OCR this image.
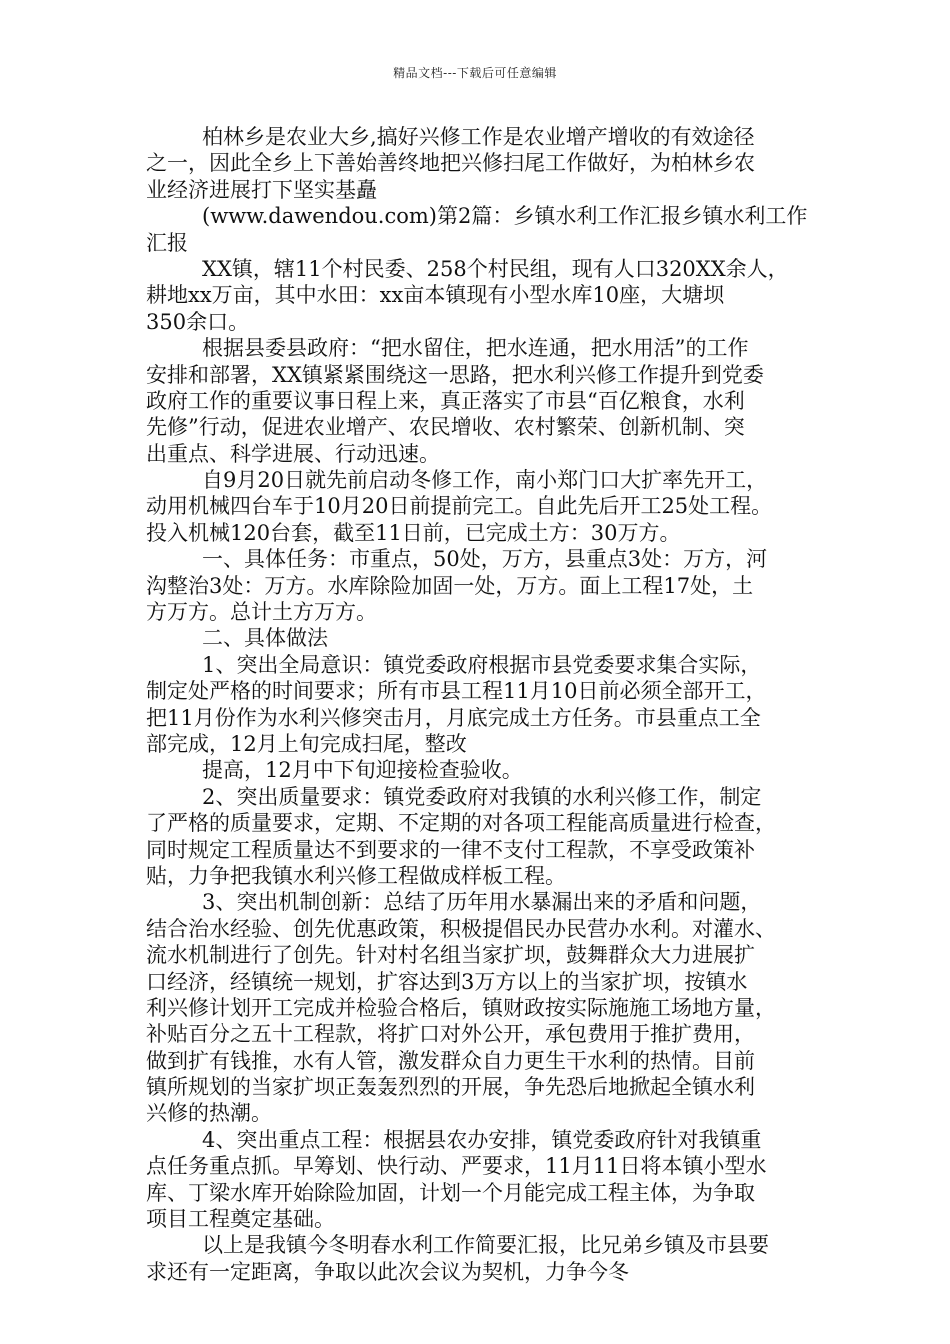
精品文档---下载后可任意编辑
柏林乡是农业大乡,搞好兴修工作是农业增产增收的有效途径
之一，因此全乡上下善始善终地把兴修扫尾工作做好，为柏林乡农
业经济进展打下坚实基矗
(www.dawendou.com)第2篇：乡镇水利工作汇报乡镇水利工作
汇报
XX镇，辖11个村民委、258个村民组，现有人口320XX余人，
耕地xx万亩，其中水田：xx亩本镇现有小型水库10座，大塘坝
350余口。
根据县委县政府：“把水留住，把水连通，把水用活”的工作
安排和部署，XX镇紧紧围绕这一思路，把水利兴修工作提升到党委
政府工作的重要议事日程上来，真正落实了市县“百亿粮食，水利
先修”行动，促进农业增产、农民增收、农村繁荣、创新机制、突
出重点、科学进展、行动迅速。
自9月20日就先前启动冬修工作，南小郑门口大扩率先开工，
动用机械四台车于10月20日前提前完工。自此先后开工25处工程。
投入机械120台套，截至11日前，已完成土方：30万方。
一、具体任务：市重点，50处，万方，县重点3处：万方，河
沟整治3处：万方。水库除险加固一处，万方。面上工程17处，土
方万方。总计土方万方。
二、具体做法
1、突出全局意识：镇党委政府根据市县党委要求集合实际，
制定处严格的时间要求；所有市县工程11月10日前必须全部开工，
把11月份作为水利兴修突击月，月底完成土方任务。市县重点工全
部完成，12月上旬完成扫尾，整改
提高，12月中下旬迎接检查验收。
2、突出质量要求：镇党委政府对我镇的水利兴修工作，制定
了严格的质量要求，定期、不定期的对各项工程能高质量进行检查，
同时规定工程质量达不到要求的一律不支付工程款，不享受政策补
贴，力争把我镇水利兴修工程做成样板工程。
3、突出机制创新：总结了历年用水暴漏出来的矛盾和问题，
结合治水经验、创先优惠政策，积极提倡民办民营办水利。对灌水、
流水机制进行了创先。针对村名组当家扩坝，鼓舞群众大力进展扩
口经济，经镇统一规划，扩容达到3万方以上的当家扩坝，按镇水
利兴修计划开工完成并检验合格后，镇财政按实际施施工场地方量，
补贴百分之五十工程款，将扩口对外公开，承包费用于推扩费用，
做到扩有钱推，水有人管，激发群众自力更生干水利的热情。目前
镇所规划的当家扩坝正轰轰烈烈的开展，争先恐后地掀起全镇水利
兴修的热潮。
4、突出重点工程：根据县农办安排，镇党委政府针对我镇重
点任务重点抓。早筹划、快行动、严要求，11月11日将本镇小型水
库、丁梁水库开始除险加固，计划一个月能完成工程主体，为争取
项目工程奠定基础。
以上是我镇今冬明春水利工作简要汇报，比兄弟乡镇及市县要
求还有一定距离，争取以此次会议为契机，力争今冬
